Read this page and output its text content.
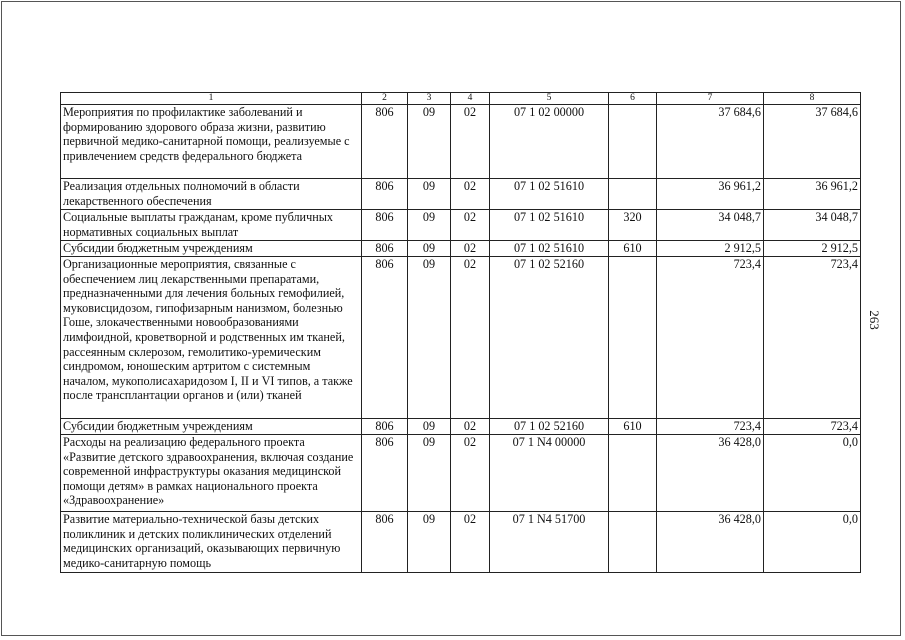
263
1	2	3	4	5	6	7	8
Мероприятия по профилактике заболеваний и формированию здорового образа жизни, развитию первичной медико-санитарной помощи, реализуемые с привлечением средств федерального бюджета	806	09	02	07 1 02 00000		37 684,6	37 684,6
Реализация отдельных полномочий в области лекарственного обеспечения	806	09	02	07 1 02 51610		36 961,2	36 961,2
Социальные выплаты гражданам, кроме публичных нормативных социальных выплат	806	09	02	07 1 02 51610	320	34 048,7	34 048,7
Субсидии бюджетным учреждениям	806	09	02	07 1 02 51610	610	2 912,5	2 912,5
Организационные мероприятия, связанные с обеспечением лиц лекарственными препаратами, предназначенными для лечения больных гемофилией, муковисцидозом, гипофизарным нанизмом, болезнью Гоше, злокачественными новообразованиями лимфоидной, кроветворной и родственных им тканей, рассеянным склерозом, гемолитико-уремическим синдромом, юношеским артритом с системным началом, мукополисахаридозом I, II и VI типов, а также после трансплантации органов и (или) тканей	806	09	02	07 1 02 52160		723,4	723,4
Субсидии бюджетным учреждениям	806	09	02	07 1 02 52160	610	723,4	723,4
Расходы на реализацию федерального проекта «Развитие детского здравоохранения, включая создание современной инфраструктуры оказания медицинской помощи детям» в рамках национального проекта «Здравоохранение»	806	09	02	07 1 N4 00000		36 428,0	0,0
Развитие материально-технической базы детских поликлиник и детских поликлинических отделений медицинских организаций, оказывающих первичную медико-санитарную помощь	806	09	02	07 1 N4 51700		36 428,0	0,0
